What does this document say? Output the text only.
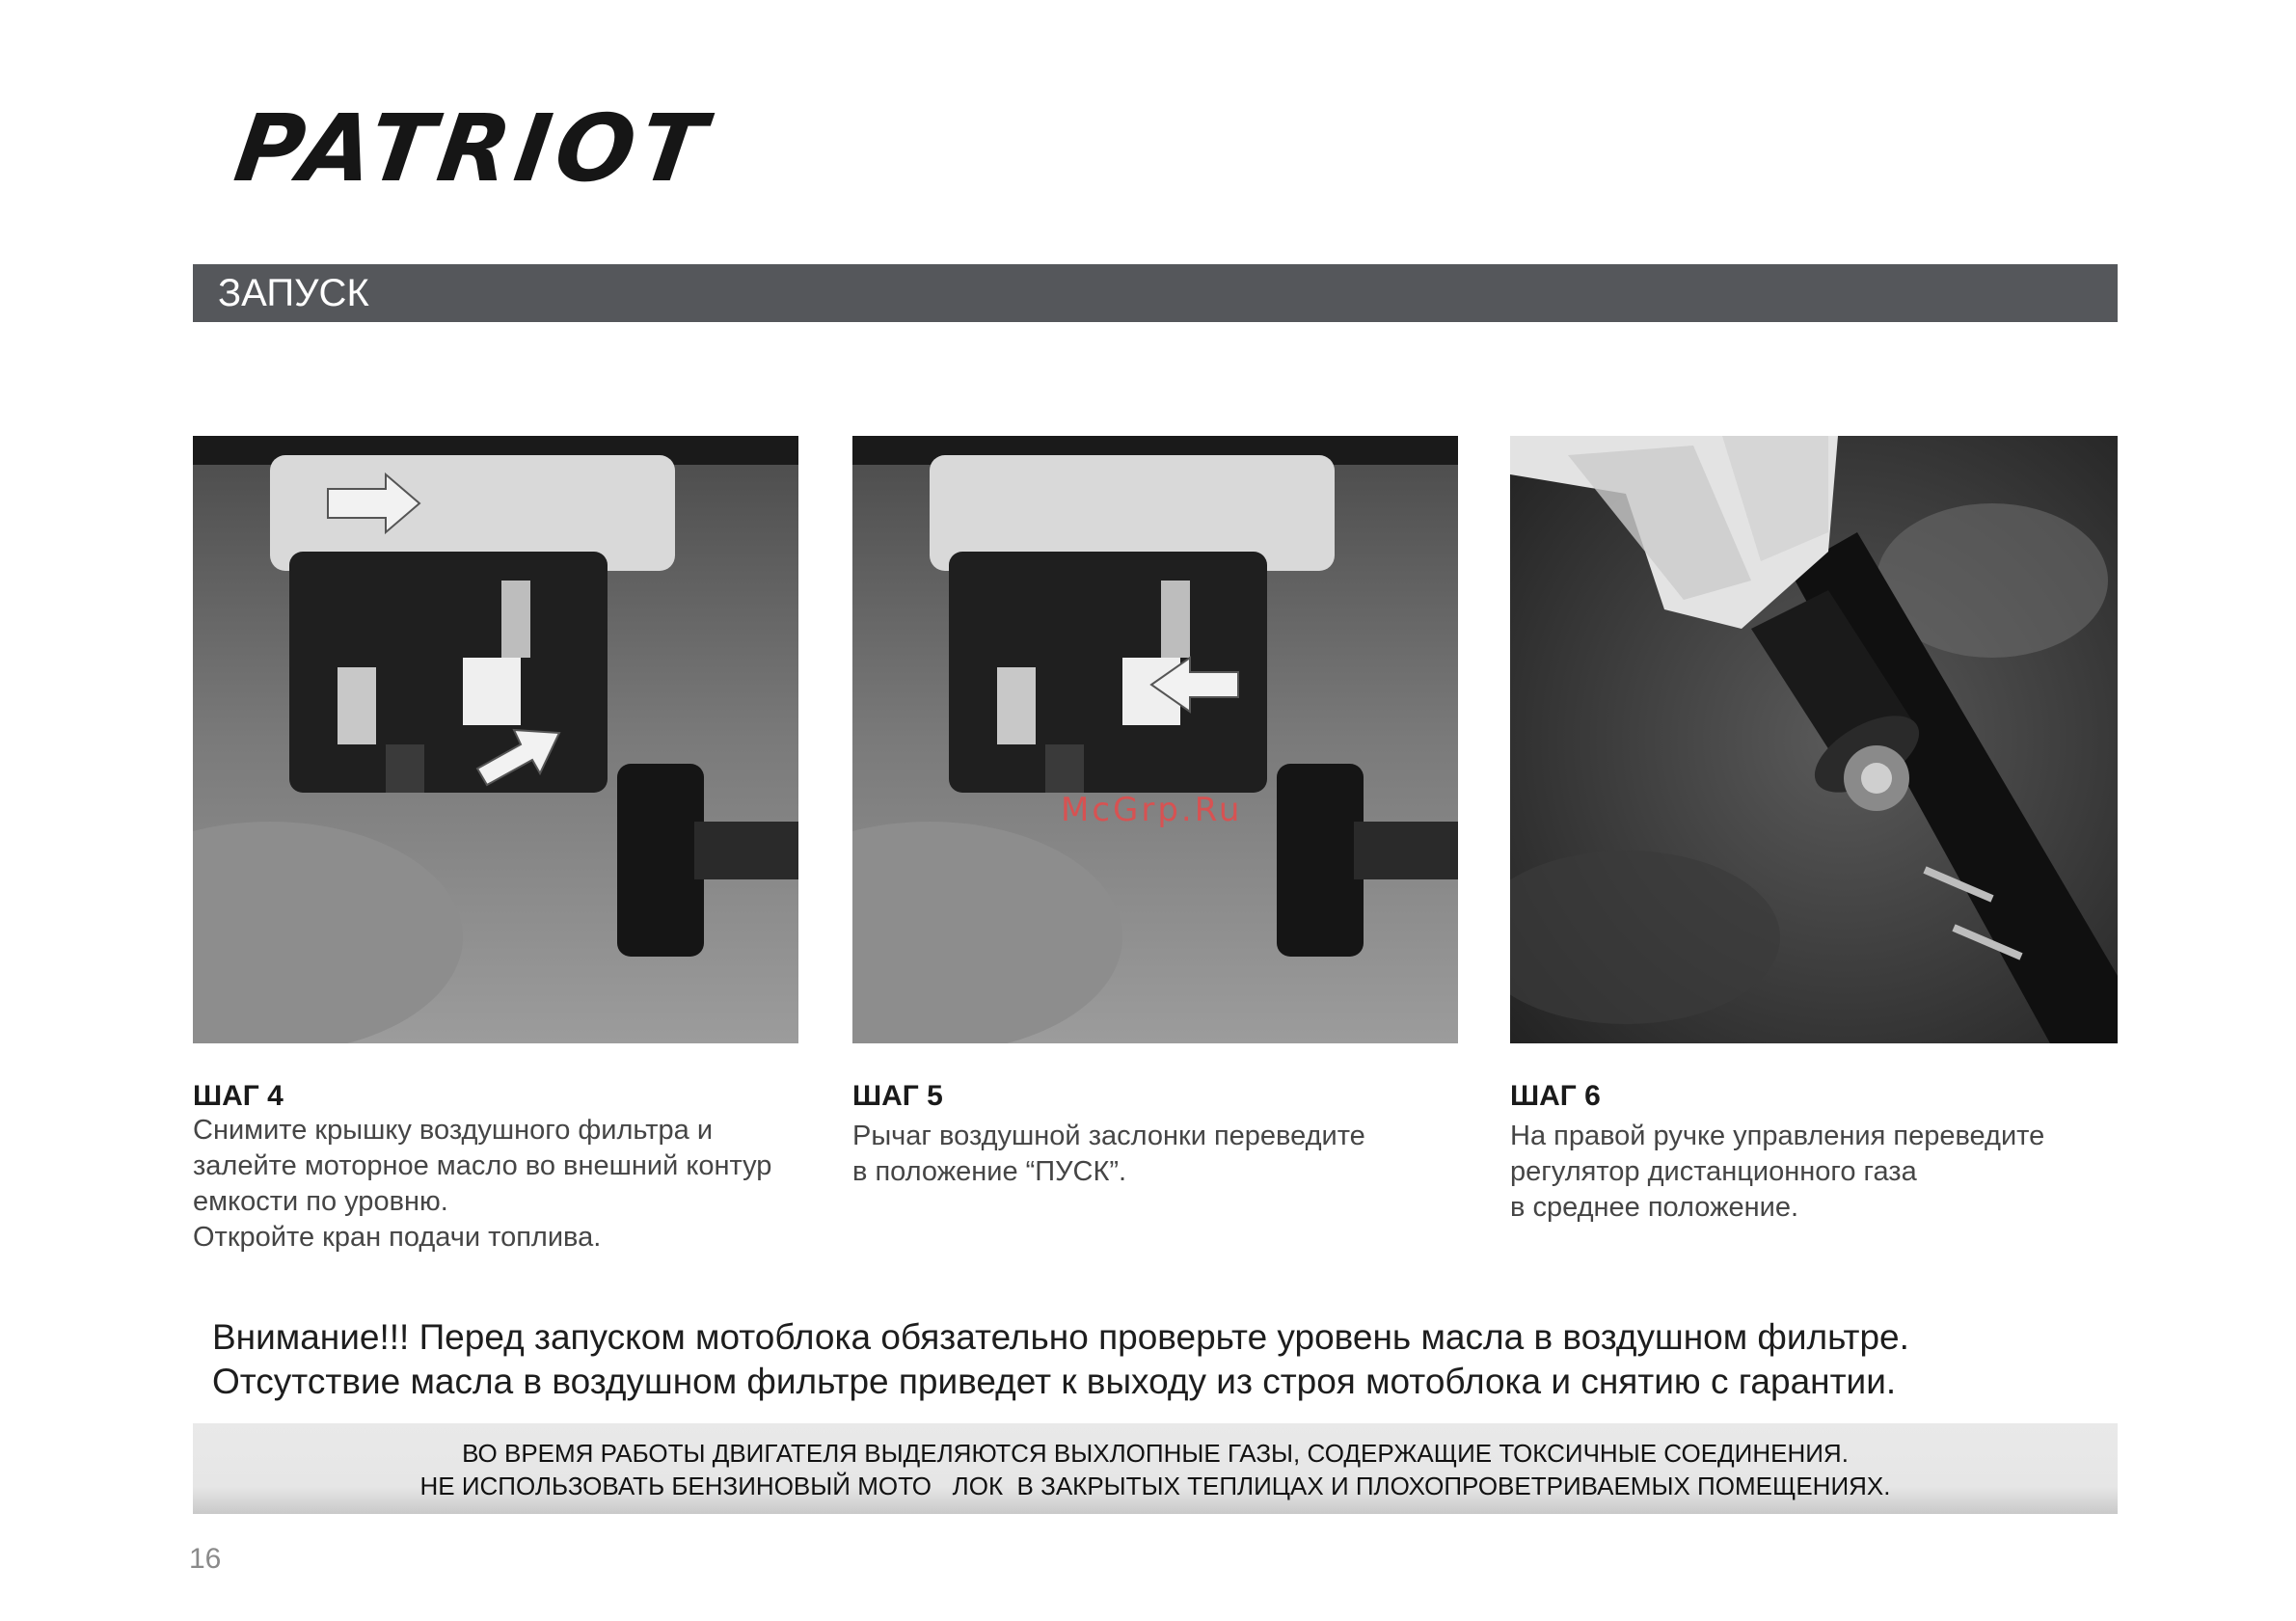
PATRIOT
ЗАПУСК
McGrp.Ru
ШАГ 4
Снимите крышку воздушного фильтра и
залейте моторное масло во внешний контур
емкости по уровню.
Откройте кран подачи топлива.
ШАГ 5
Рычаг воздушной заслонки переведите
в положение “ПУСК”.
ШАГ 6
На правой ручке управления переведите
регулятор дистанционного газа
в среднее положение.
Внимание!!! Перед запуском мотоблока обязательно проверьте уровень масла в воздушном фильтре.
Отсутствие масла в воздушном фильтре приведет к выходу из строя мотоблока и снятию с гарантии.
ВО ВРЕМЯ РАБОТЫ ДВИГАТЕЛЯ ВЫДЕЛЯЮТСЯ ВЫХЛОПНЫЕ ГАЗЫ, СОДЕРЖАЩИЕ ТОКСИЧНЫЕ СОЕДИНЕНИЯ.
НЕ ИСПОЛЬЗОВАТЬ БЕНЗИНОВЫЙ МОТО   ЛОК  В ЗАКРЫТЫХ ТЕПЛИЦАХ И ПЛОХОПРОВЕТРИВАЕМЫХ ПОМЕЩЕНИЯХ.
16
